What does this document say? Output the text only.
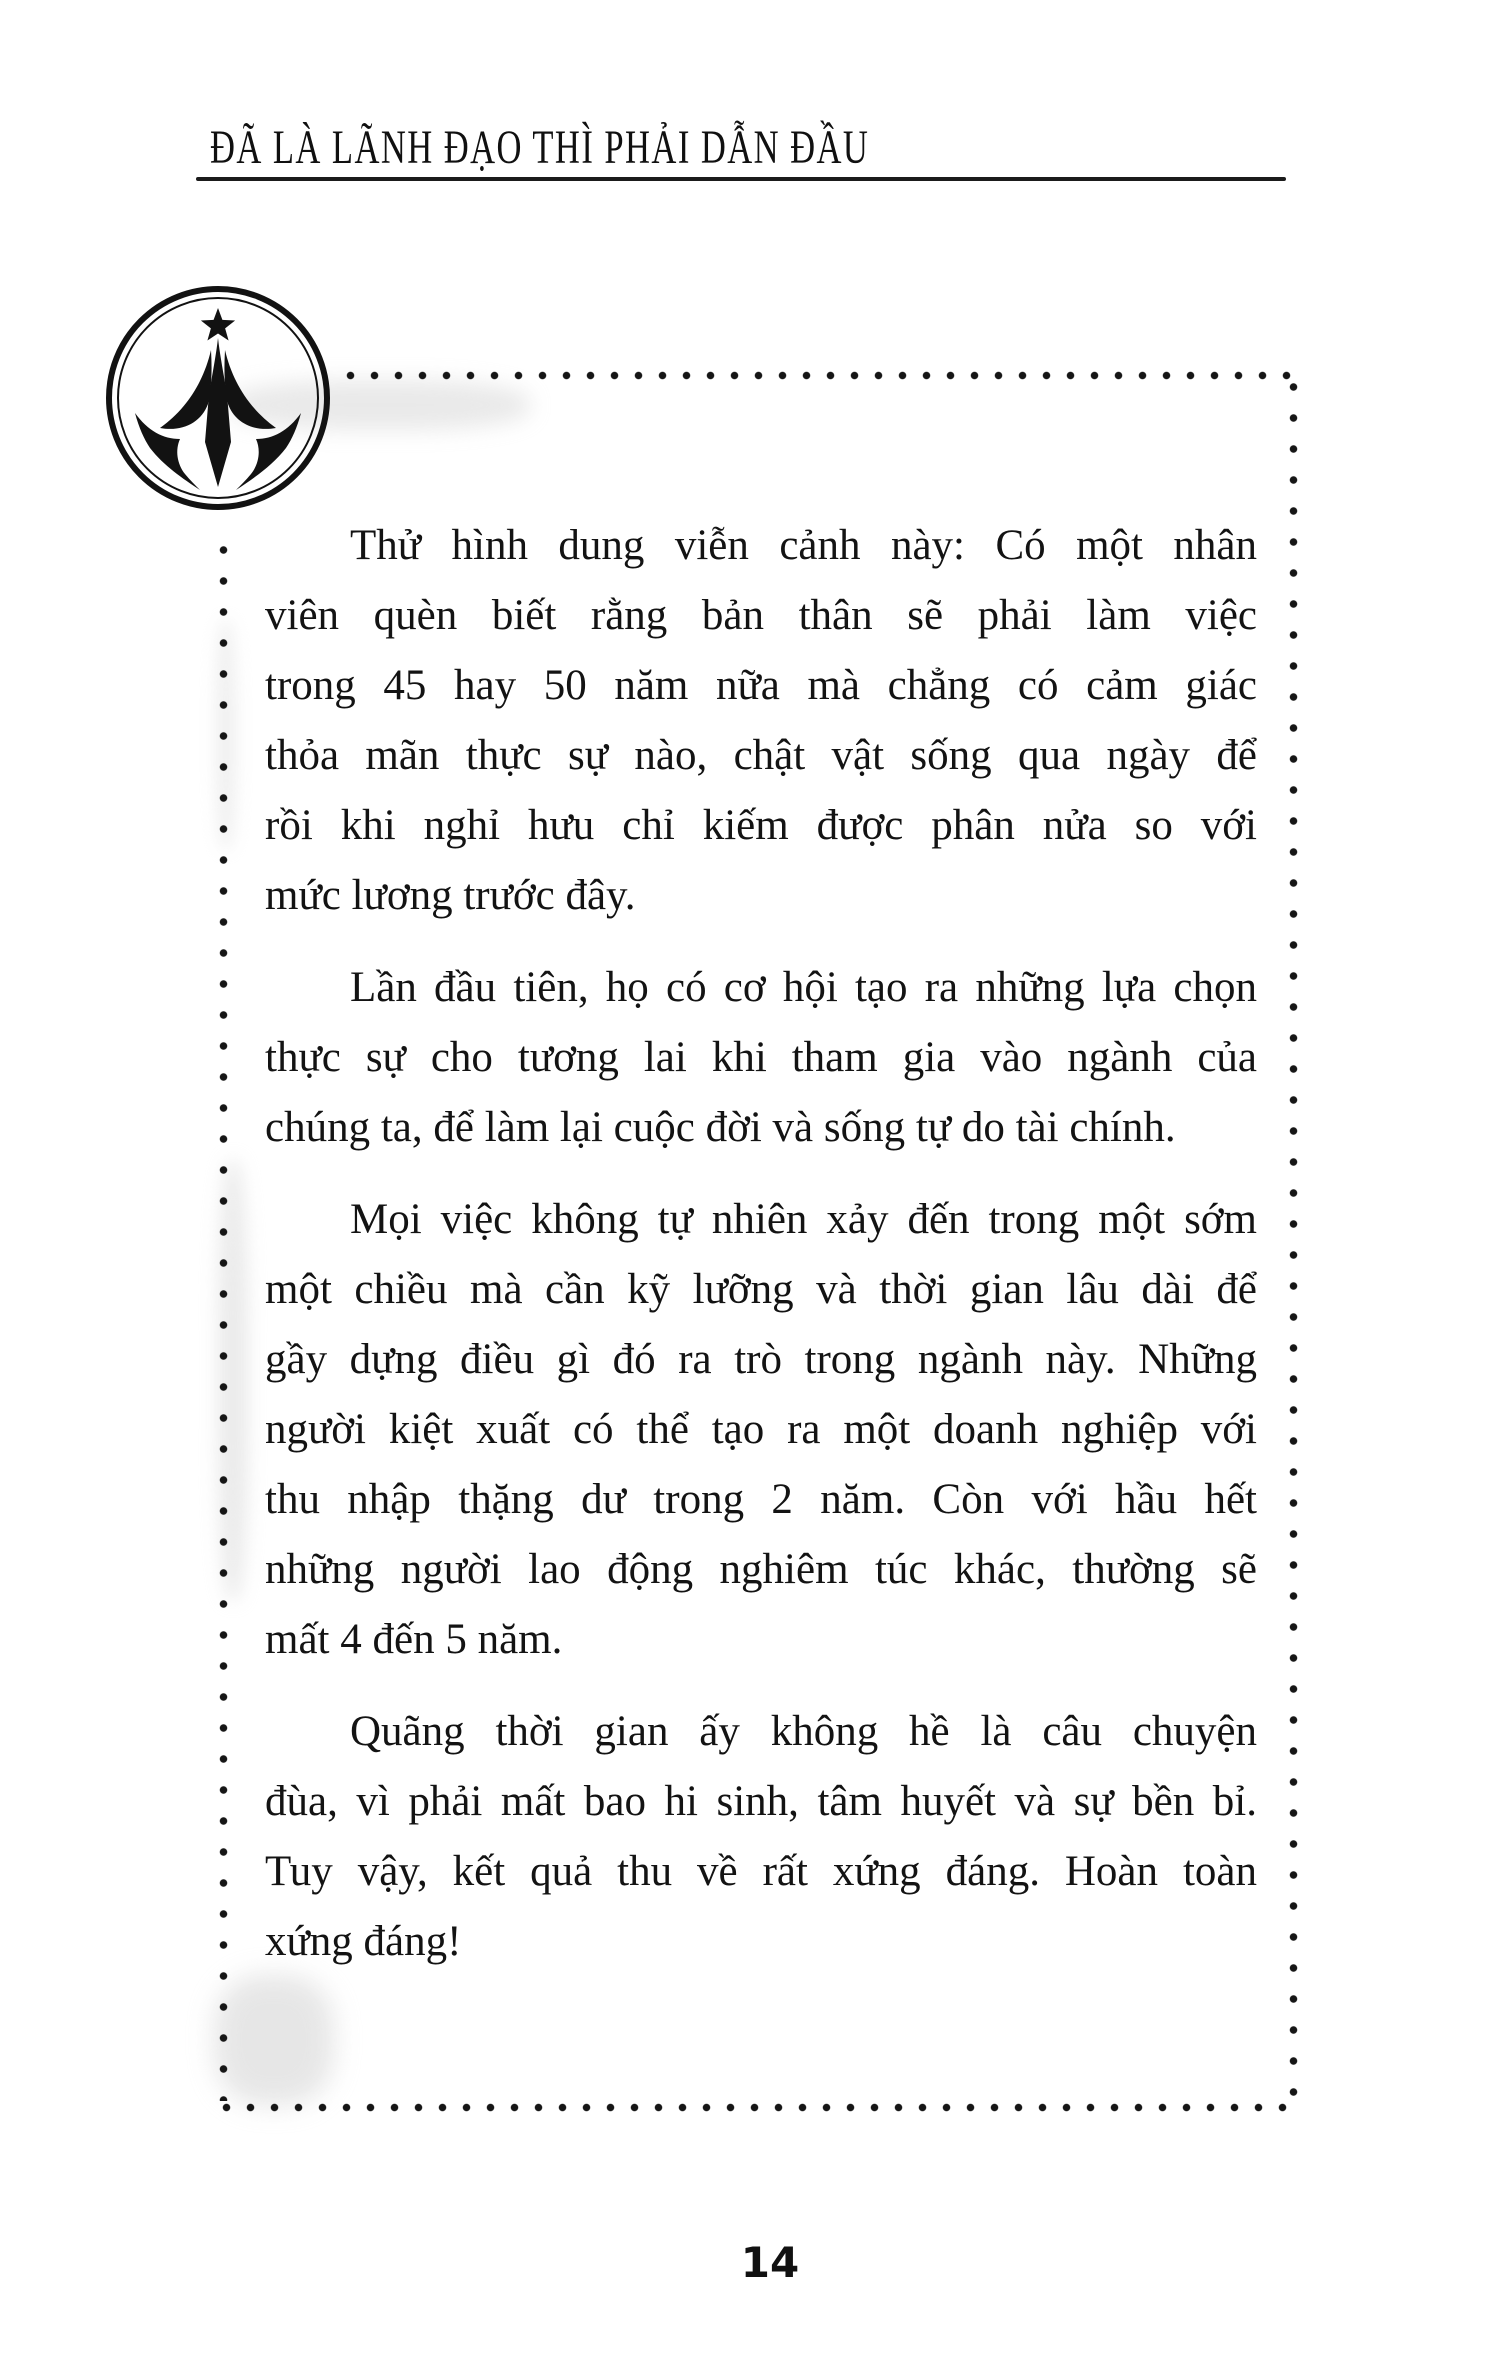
ĐÃ LÀ LÃNH ĐẠO THÌ PHẢI DẪN ĐẦU
Thử hình dung viễn cảnh này: Có một nhân
viên quèn biết rằng bản thân sẽ phải làm việc
trong 45 hay 50 năm nữa mà chẳng có cảm giác
thỏa mãn thực sự nào, chật vật sống qua ngày để
rồi khi nghỉ hưu chỉ kiếm được phân nửa so với
mức lương trước đây.
Lần đầu tiên, họ có cơ hội tạo ra những lựa chọn
thực sự cho tương lai khi tham gia vào ngành của
chúng ta, để làm lại cuộc đời và sống tự do tài chính.
Mọi việc không tự nhiên xảy đến trong một sớm
một chiều mà cần kỹ lưỡng và thời gian lâu dài để
gầy dựng điều gì đó ra trò trong ngành này. Những
người kiệt xuất có thể tạo ra một doanh nghiệp với
thu nhập thặng dư trong 2 năm. Còn với hầu hết
những người lao động nghiêm túc khác, thường sẽ
mất 4 đến 5 năm.
Quãng thời gian ấy không hề là câu chuyện
đùa, vì phải mất bao hi sinh, tâm huyết và sự bền bỉ.
Tuy vậy, kết quả thu về rất xứng đáng. Hoàn toàn
xứng đáng!
14
